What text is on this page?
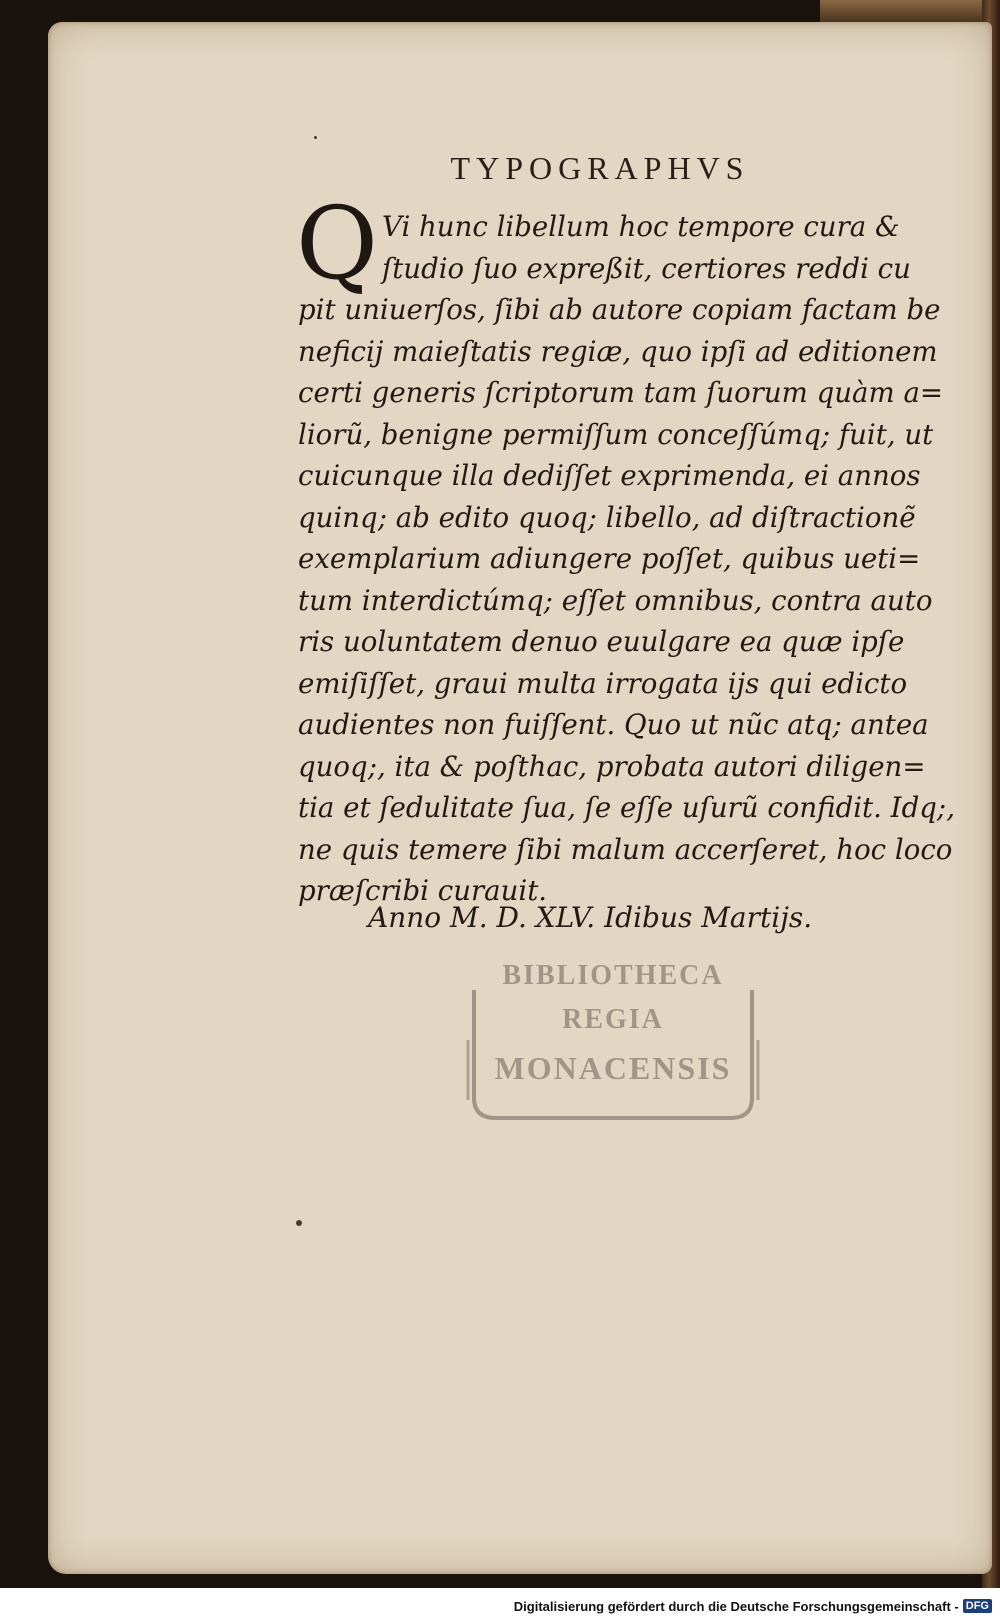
TYPOGRAPHVS
Q Vi hunc libellum hoc tempore cura &
ſtudio ſuo expreßit, certiores reddi cu
pit uniuerſos, ſibi ab autore copiam factam be
neficij maieſtatis regiæ, quo ipſi ad editionem
certi generis ſcriptorum tam ſuorum quàm a=
liorũ, benigne permiſſum conceſſúmq; fuit, ut
cuicunque illa dediſſet exprimenda, ei annos
quinq; ab edito quoq; libello, ad diſtractionẽ
exemplarium adiungere poſſet, quibus ueti=
tum interdictúmq; eſſet omnibus, contra auto
ris uoluntatem denuo euulgare ea quæ ipſe
emiſiſſet, graui multa irrogata ijs qui edicto
audientes non fuiſſent. Quo ut nũc atq; antea
quoq;, ita & poſthac, probata autori diligen=
tia et ſedulitate ſua, ſe eſſe uſurũ confidit. Idq;,
ne quis temere ſibi malum accerſeret, hoc loco
præſcribi curauit.
Anno M. D. XLV. Idibus Martijs.
BIBLIOTHECA
REGIA
MONACENSIS
Digitalisierung gefördert durch die Deutsche Forschungsgemeinschaft - DFG
